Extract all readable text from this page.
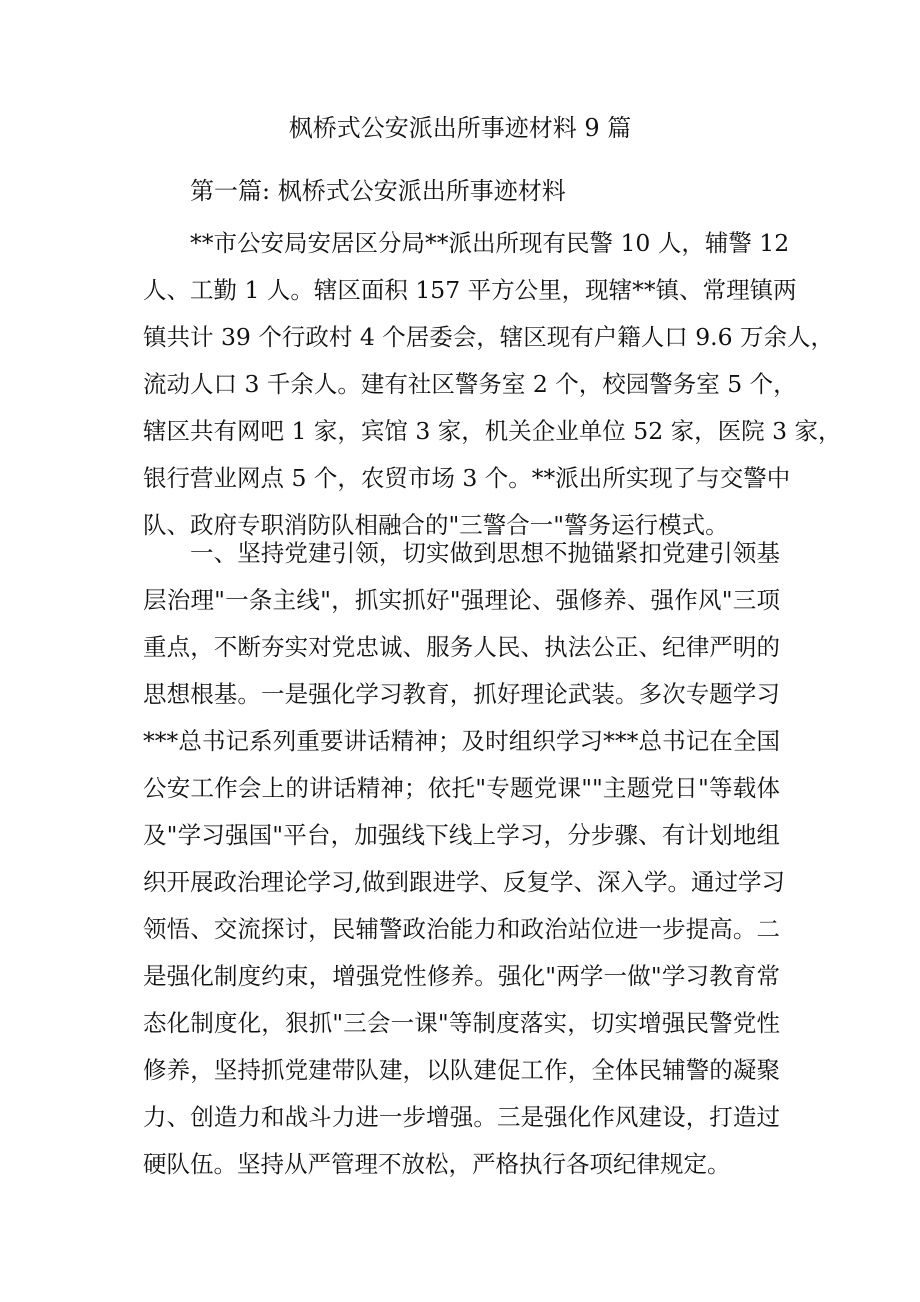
枫桥式公安派出所事迹材料 9 篇
第一篇: 枫桥式公安派出所事迹材料
**市公安局安居区分局**派出所现有民警 10 人，辅警 12
人、工勤 1 人。辖区面积 157 平方公里，现辖**镇、常理镇两
镇共计 39 个行政村 4 个居委会，辖区现有户籍人口 9.6 万余人，
流动人口 3 千余人。建有社区警务室 2 个，校园警务室 5 个，
辖区共有网吧 1 家，宾馆 3 家，机关企业单位 52 家，医院 3 家，
银行营业网点 5 个，农贸市场 3 个。**派出所实现了与交警中
队、政府专职消防队相融合的"三警合一"警务运行模式。
一、坚持党建引领，切实做到思想不抛锚紧扣党建引领基
层治理"一条主线"，抓实抓好"强理论、强修养、强作风"三项
重点，不断夯实对党忠诚、服务人民、执法公正、纪律严明的
思想根基。一是强化学习教育，抓好理论武装。多次专题学习
***总书记系列重要讲话精神；及时组织学习***总书记在全国
公安工作会上的讲话精神；依托"专题党课""主题党日"等载体
及"学习强国"平台，加强线下线上学习，分步骤、有计划地组
织开展政治理论学习,做到跟进学、反复学、深入学。通过学习
领悟、交流探讨，民辅警政治能力和政治站位进一步提高。二
是强化制度约束，增强党性修养。强化"两学一做"学习教育常
态化制度化，狠抓"三会一课"等制度落实，切实增强民警党性
修养，坚持抓党建带队建，以队建促工作，全体民辅警的凝聚
力、创造力和战斗力进一步增强。三是强化作风建设，打造过
硬队伍。坚持从严管理不放松，严格执行各项纪律规定。
